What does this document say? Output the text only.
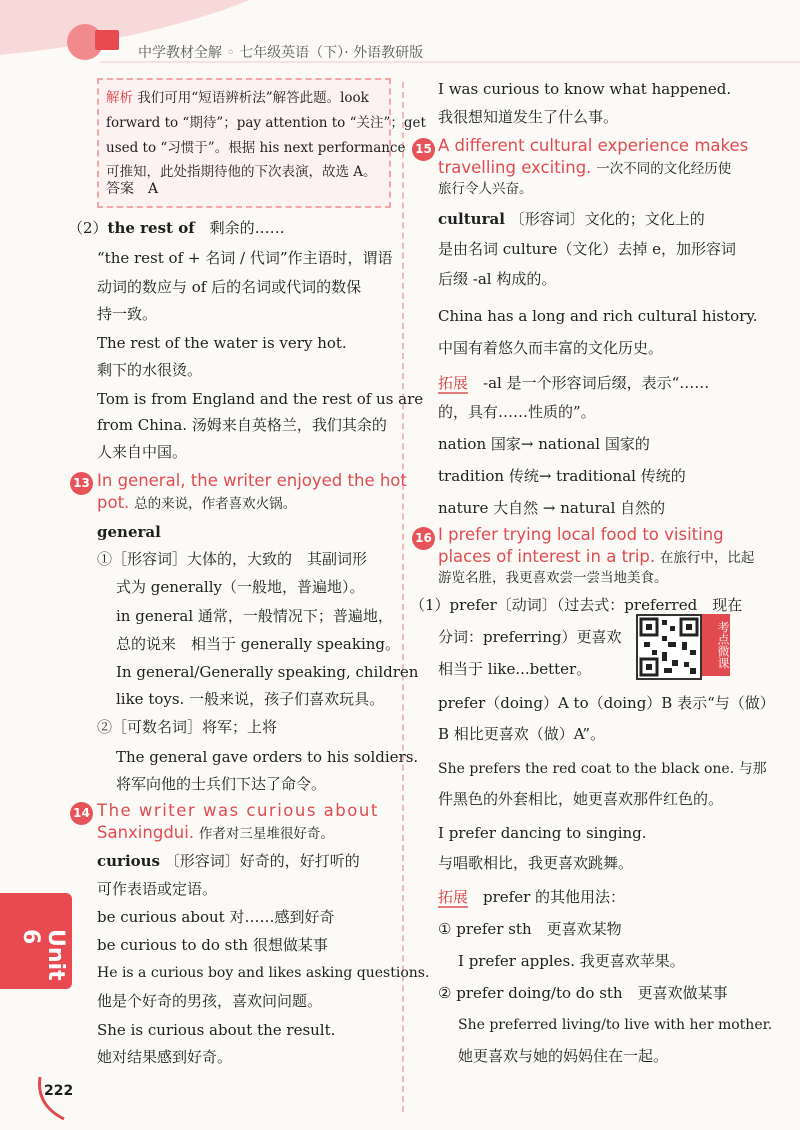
中学教材全解 ◦ 七年级英语（下）· 外语教研版
解析 我们可用“短语辨析法”解答此题。look
forward to “期待”；pay attention to “关注”；get
used to “习惯于”。根据 his next performance
可推知，此处指期待他的下次表演，故选 A。
答案　 A
（2）the rest of　 剩余的……
“the rest of + 名词 / 代词”作主语时，谓语
动词的数应与 of 后的名词或代词的数保
持一致。
The rest of the water is very hot.
剩下的水很烫。
Tom is from England and the rest of us are
from China. 汤姆来自英格兰，我们其余的
人来自中国。
13 In general, the writer enjoyed the hot
pot. 总的来说，作者喜欢火锅。
general
①［形容词］大体的，大致的　其副词形
式为 generally（一般地，普遍地）。
in general 通常，一般情况下；普遍地，
总的说来　相当于 generally speaking。
In general/Generally speaking, children
like toys. 一般来说，孩子们喜欢玩具。
②［可数名词］将军；上将
The general gave orders to his soldiers.
将军向他的士兵们下达了命令。
14 The writer was curious about
Sanxingdui. 作者对三星堆很好奇。
curious 〔形容词〕好奇的，好打听的
可作表语或定语。
be curious about 对……感到好奇
be curious to do sth 很想做某事
He is a curious boy and likes asking questions.
他是个好奇的男孩，喜欢问问题。
She is curious about the result.
她对结果感到好奇。
I was curious to know what happened.
我很想知道发生了什么事。
15 A different cultural experience makes
travelling exciting. 一次不同的文化经历使
旅行令人兴奋。
cultural 〔形容词〕文化的；文化上的
是由名词 culture（文化）去掉 e，加形容词
后缀 -al 构成的。
China has a long and rich cultural history.
中国有着悠久而丰富的文化历史。
拓展　 -al 是一个形容词后缀，表示“……
的，具有……性质的”。
nation 国家→ national 国家的
tradition 传统→ traditional 传统的
nature 大自然 → natural 自然的
16 I prefer trying local food to visiting
places of interest in a trip. 在旅行中，比起
游览名胜，我更喜欢尝一尝当地美食。
（1）prefer〔动词〕（过去式：preferred　现在
分词：preferring）更喜欢
相当于 like...better。	考点微课
prefer（doing）A to（doing）B 表示“与（做）
B 相比更喜欢（做）A”。
She prefers the red coat to the black one. 与那
件黑色的外套相比，她更喜欢那件红色的。
I prefer dancing to singing.
与唱歌相比，我更喜欢跳舞。
拓展　 prefer 的其他用法：
① prefer sth　更喜欢某物
I prefer apples. 我更喜欢苹果。
② prefer doing/to do sth　更喜欢做某事
She preferred living/to live with her mother.
她更喜欢与她的妈妈住在一起。
Unit 6
222
